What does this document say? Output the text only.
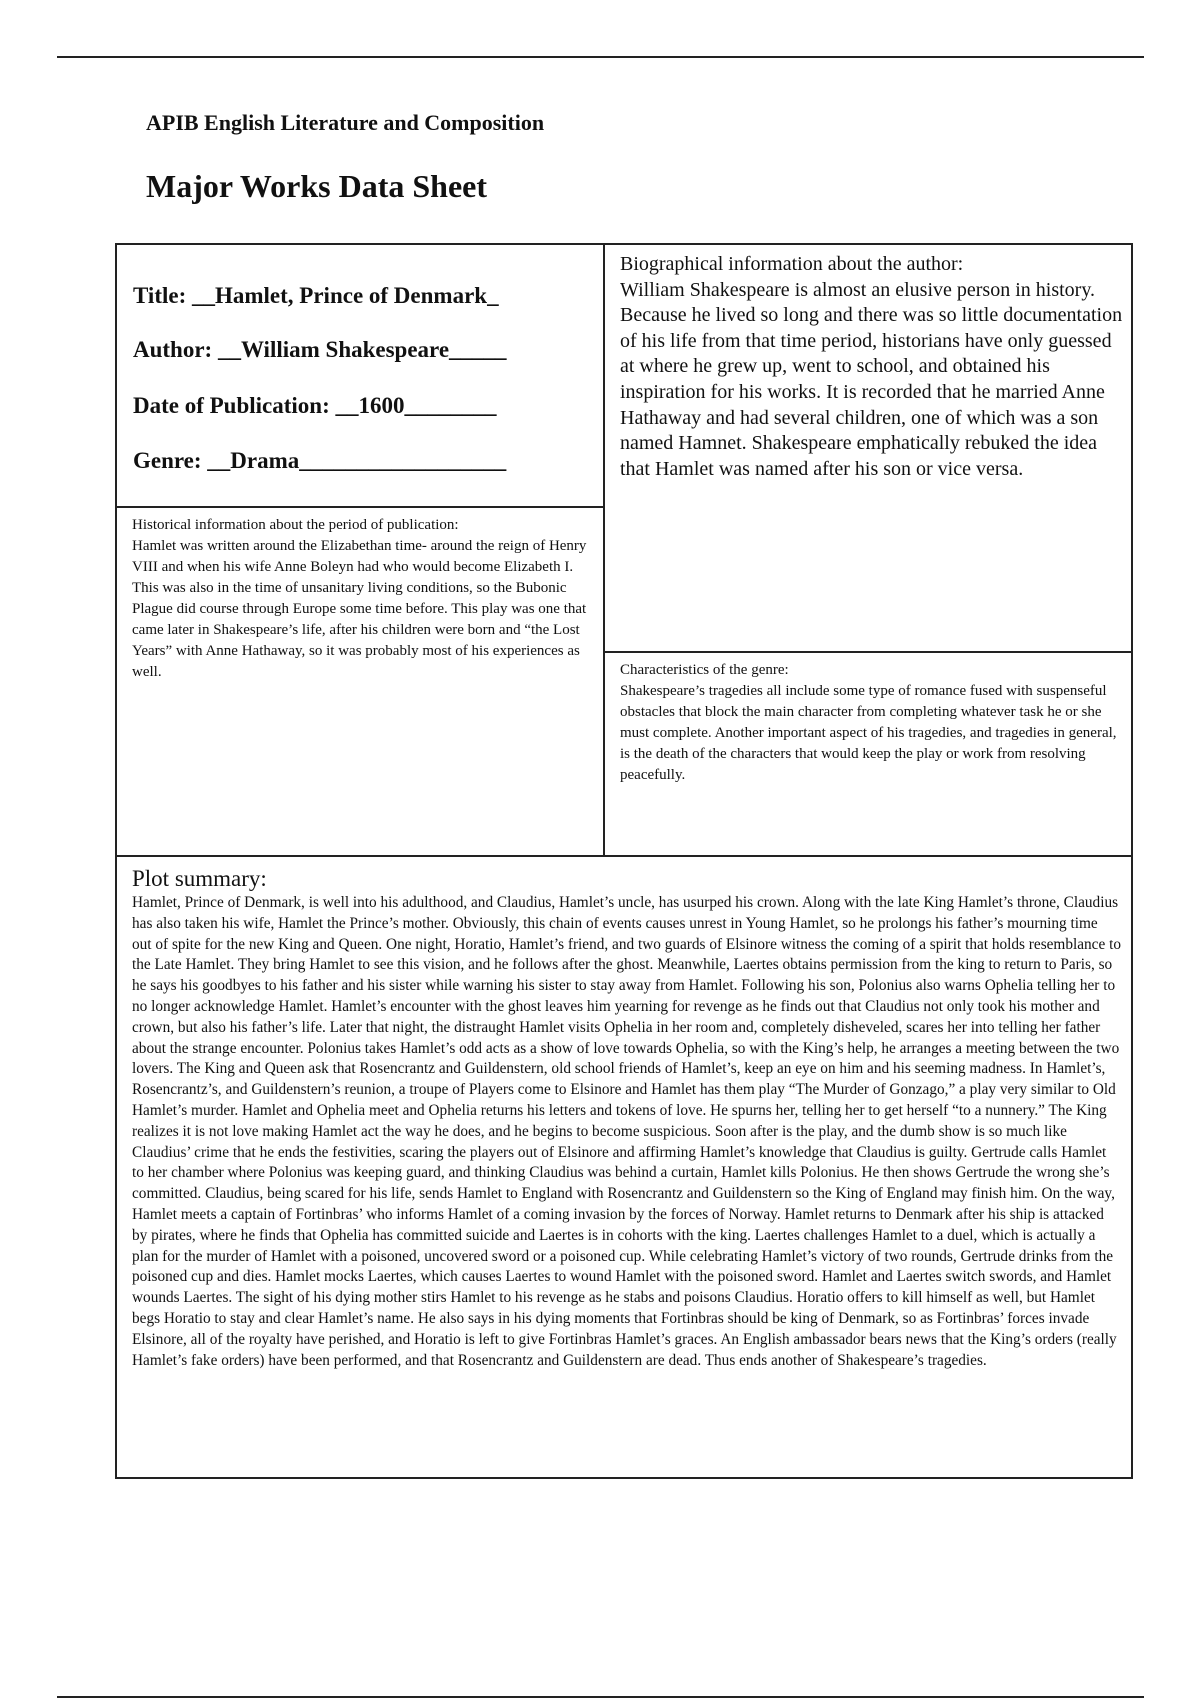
APIB English Literature and Composition
Major Works Data Sheet

Title: __Hamlet, Prince of Denmark_

Author: __William Shakespeare_____

Date of Publication: __1600________

Genre: __Drama__________________

Biographical information about the author:

William Shakespeare is almost an elusive person in history. Because he lived so long and there was so little documentation of his life from that time period, historians have only guessed at where he grew up, went to school, and obtained his inspiration for his works. It is recorded that he married Anne Hathaway and had several children, one of which was a son named Hamnet. Shakespeare emphatically rebuked the idea that Hamlet was named after his son or vice versa.

Historical information about the period of publication:

Hamlet was written around the Elizabethan time- around the reign of Henry VIII and when his wife Anne Boleyn had who would become Elizabeth I. This was also in the time of unsanitary living conditions, so the Bubonic Plague did course through Europe some time before. This play was one that came later in Shakespeare’s life, after his children were born and “the Lost Years” with Anne Hathaway, so it was probably most of his experiences as well.	Characteristics of the genre:

Shakespeare’s tragedies all include some type of romance fused with suspenseful obstacles that block the main character from completing whatever task he or she must complete. Another important aspect of his tragedies, and tragedies in general, is the death of the characters that would keep the play or work from resolving peacefully.

Plot summary:

Hamlet, Prince of Denmark, is well into his adulthood, and Claudius, Hamlet’s uncle, has usurped his crown. Along with the late King Hamlet’s throne, Claudius has also taken his wife, Hamlet the Prince’s mother. Obviously, this chain of events causes unrest in Young Hamlet, so he prolongs his father’s mourning time out of spite for the new King and Queen. One night, Horatio, Hamlet’s friend, and two guards of Elsinore witness the coming of a spirit that holds resemblance to the Late Hamlet. They bring Hamlet to see this vision, and he follows after the ghost. Meanwhile, Laertes obtains permission from the king to return to Paris, so he says his goodbyes to his father and his sister while warning his sister to stay away from Hamlet. Following his son, Polonius also warns Ophelia telling her to no longer acknowledge Hamlet. Hamlet’s encounter with the ghost leaves him yearning for revenge as he finds out that Claudius not only took his mother and crown, but also his father’s life. Later that night, the distraught Hamlet visits Ophelia in her room and, completely disheveled, scares her into telling her father about the strange encounter. Polonius takes Hamlet’s odd acts as a show of love towards Ophelia, so with the King’s help, he arranges a meeting between the two lovers. The King and Queen ask that Rosencrantz and Guildenstern, old school friends of Hamlet’s, keep an eye on him and his seeming madness. In Hamlet’s, Rosencrantz’s, and Guildenstern’s reunion, a troupe of Players come to Elsinore and Hamlet has them play “The Murder of Gonzago,” a play very similar to Old Hamlet’s murder. Hamlet and Ophelia meet and Ophelia returns his letters and tokens of love. He spurns her, telling her to get herself “to a nunnery.” The King realizes it is not love making Hamlet act the way he does, and he begins to become suspicious. Soon after is the play, and the dumb show is so much like Claudius’ crime that he ends the festivities, scaring the players out of Elsinore and affirming Hamlet’s knowledge that Claudius is guilty. Gertrude calls Hamlet to her chamber where Polonius was keeping guard, and thinking Claudius was behind a curtain, Hamlet kills Polonius. He then shows Gertrude the wrong she’s committed. Claudius, being scared for his life, sends Hamlet to England with Rosencrantz and Guildenstern so the King of England may finish him. On the way, Hamlet meets a captain of Fortinbras’ who informs Hamlet of a coming invasion by the forces of Norway. Hamlet returns to Denmark after his ship is attacked by pirates, where he finds that Ophelia has committed suicide and Laertes is in cohorts with the king. Laertes challenges Hamlet to a duel, which is actually a plan for the murder of Hamlet with a poisoned, uncovered sword or a poisoned cup. While celebrating Hamlet’s victory of two rounds, Gertrude drinks from the poisoned cup and dies. Hamlet mocks Laertes, which causes Laertes to wound Hamlet with the poisoned sword. Hamlet and Laertes switch swords, and Hamlet wounds Laertes. The sight of his dying mother stirs Hamlet to his revenge as he stabs and poisons Claudius. Horatio offers to kill himself as well, but Hamlet begs Horatio to stay and clear Hamlet’s name. He also says in his dying moments that Fortinbras should be king of Denmark, so as Fortinbras’ forces invade Elsinore, all of the royalty have perished, and Horatio is left to give Fortinbras Hamlet’s graces. An English ambassador bears news that the King’s orders (really Hamlet’s fake orders) have been performed, and that Rosencrantz and Guildenstern are dead. Thus ends another of Shakespeare’s tragedies.
